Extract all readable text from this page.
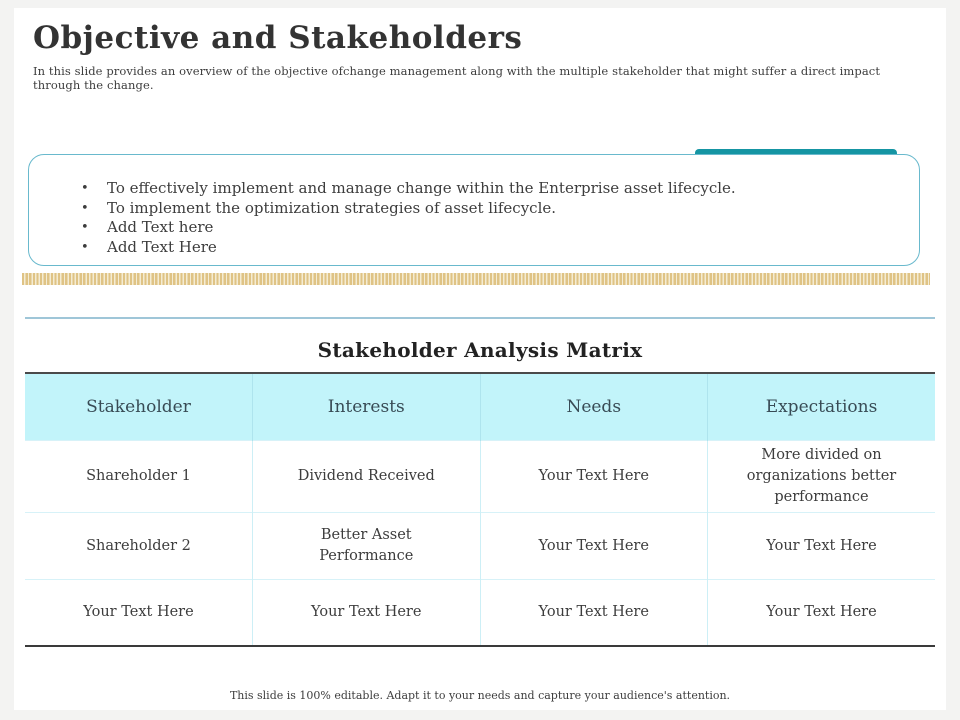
Objective and Stakeholders
In this slide provides an overview of the objective ofchange management along with the multiple stakeholder that might suffer a direct impact through the change.
• To effectively implement and manage change within the Enterprise asset lifecycle.
• To implement the optimization strategies of asset lifecycle.
• Add Text here
• Add Text Here
Stakeholder Analysis Matrix
Stakeholder	Interests	Needs	Expectations
Shareholder 1	Dividend Received	Your Text Here	More divided on organizations better performance
Shareholder 2	Better Asset Performance	Your Text Here	Your Text Here
Your Text Here	Your Text Here	Your Text Here	Your Text Here
This slide is 100% editable. Adapt it to your needs and capture your audience's attention.
